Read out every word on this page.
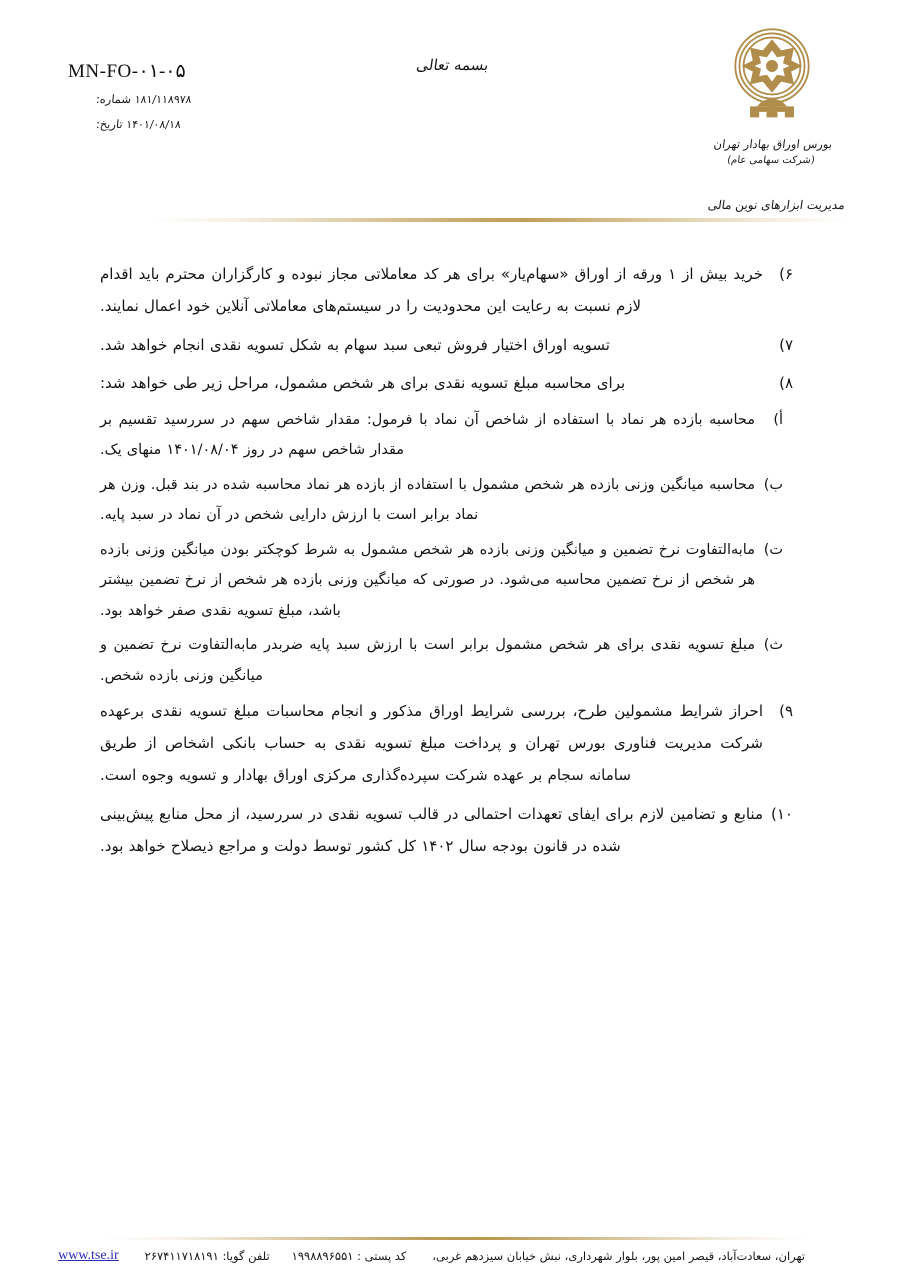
MN-FO-۰۱-۰۵
۱۸۱/۱۱۸۹۷۸ شماره:
۱۴۰۱/۰۸/۱۸ تاریخ:
بسمه تعالی
بورس اوراق بهادار تهران
(شرکت سهامی عام)
مدیریت ابزارهای نوین مالی
۶)
خرید بیش از ۱ ورقه از اوراق «سهام‌یار» برای هر کد معاملاتی مجاز نبوده و کارگزاران محترم باید اقدام لازم نسبت به رعایت این محدودیت را در سیستم‌های معاملاتی آنلاین خود اعمال نمایند.
۷)
تسویه اوراق اختیار فروش تبعی سبد سهام به شکل تسویه نقدی انجام خواهد شد.
۸)
برای محاسبه مبلغ تسویه نقدی برای هر شخص مشمول، مراحل زیر طی خواهد شد:
أ)
محاسبه بازده هر نماد با استفاده از شاخص آن نماد با فرمول: مقدار شاخص سهم در سررسید تقسیم بر مقدار شاخص سهم در روز ۱۴۰۱/۰۸/۰۴ منهای یک.
ب)
محاسبه میانگین وزنی بازده هر شخص مشمول با استفاده از بازده هر نماد محاسبه شده در بند قبل. وزن هر نماد برابر است با ارزش دارایی شخص در آن نماد در سبد پایه.
ت)
مابه‌التفاوت نرخ تضمین و میانگین وزنی بازده هر شخص مشمول به شرط کوچکتر بودن میانگین وزنی بازده هر شخص از نرخ تضمین محاسبه می‌شود. در صورتی که میانگین وزنی بازده هر شخص از نرخ تضمین بیشتر باشد، مبلغ تسویه نقدی صفر خواهد بود.
ث)
مبلغ تسویه نقدی برای هر شخص مشمول برابر است با ارزش سبد پایه ضربدر مابه‌التفاوت نرخ تضمین و میانگین وزنی بازده شخص.
۹)
احراز شرایط مشمولین طرح، بررسی شرایط اوراق مذکور و انجام محاسبات مبلغ تسویه نقدی برعهده شرکت مدیریت فناوری بورس تهران و پرداخت مبلغ تسویه نقدی به حساب بانکی اشخاص از طریق سامانه سجام بر عهده شرکت سپرده‌گذاری مرکزی اوراق بهادار و تسویه وجوه است.
۱۰)
منابع و تضامین لازم برای ایفای تعهدات احتمالی در قالب تسویه نقدی در سررسید، از محل منابع پیش‌بینی شده در قانون بودجه سال ۱۴۰۲ کل کشور توسط دولت و مراجع ذیصلاح خواهد بود.
تهران، سعادت‌آباد، قیصر امین پور، بلوار شهرداری، نبش خیابان سیزدهم غربی،
کد پستی : ۱۹۹۸۸۹۶۵۵۱
تلفن گویا: ۲۶۷۴۱۱۷۱۸۱۹۱
www.tse.ir
